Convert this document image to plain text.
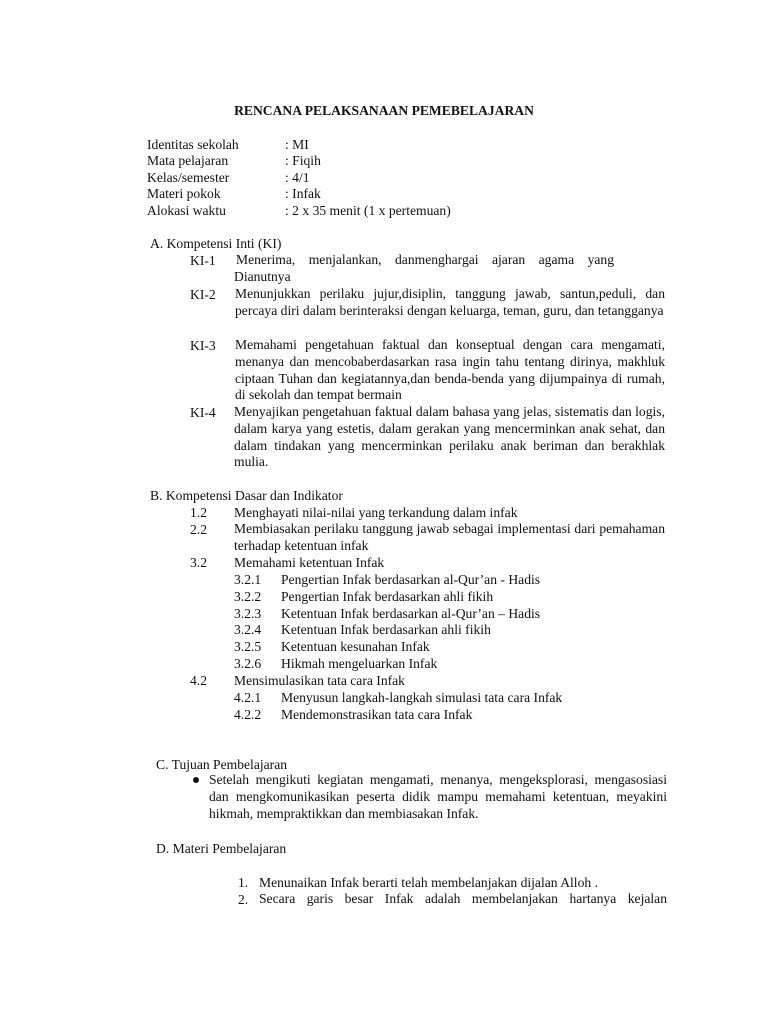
RENCANA PELAKSANAAN PEMEBELAJARAN
Identitas sekolah	: MI
Mata pelajaran	: Fiqih
Kelas/semester	: 4/1
Materi pokok	: Infak
Alokasi waktu	: 2 x 35 menit (1 x pertemuan)
A. Kompetensi Inti (KI)
KI-1 Menerima, menjalankan, danmenghargai ajaran agama yang Dianutnya
KI-2 Menunjukkan perilaku jujur,disiplin, tanggung jawab, santun,peduli, dan percaya diri dalam berinteraksi dengan keluarga, teman, guru, dan tetangganya
KI-3 Memahami pengetahuan faktual dan konseptual dengan cara mengamati, menanya dan mencobaberdasarkan rasa ingin tahu tentang dirinya, makhluk ciptaan Tuhan dan kegiatannya,dan benda-benda yang dijumpainya di rumah, di sekolah dan tempat bermain
KI-4 Menyajikan pengetahuan faktual dalam bahasa yang jelas, sistematis dan logis, dalam karya yang estetis, dalam gerakan yang mencerminkan anak sehat, dan dalam tindakan yang mencerminkan perilaku anak beriman dan berakhlak mulia.
B. Kompetensi Dasar dan Indikator
1.2 Menghayati nilai-nilai yang terkandung dalam infak
2.2 Membiasakan perilaku tanggung jawab sebagai implementasi dari pemahaman terhadap ketentuan infak
3.2 Memahami ketentuan Infak
3.2.1 Pengertian Infak berdasarkan al-Qur’an - Hadis
3.2.2 Pengertian Infak berdasarkan ahli fikih
3.2.3 Ketentuan Infak berdasarkan al-Qur’an – Hadis
3.2.4 Ketentuan Infak berdasarkan ahli fikih
3.2.5 Ketentuan kesunahan Infak
3.2.6 Hikmah mengeluarkan Infak
4.2 Mensimulasikan tata cara Infak
4.2.1 Menyusun langkah-langkah simulasi tata cara Infak
4.2.2 Mendemonstrasikan tata cara Infak
C. Tujuan Pembelajaran
Setelah mengikuti kegiatan mengamati, menanya, mengeksplorasi, mengasosiasi dan mengkomunikasikan peserta didik mampu memahami ketentuan, meyakini hikmah, mempraktikkan dan membiasakan Infak.
D. Materi Pembelajaran
1. Menunaikan Infak berarti telah membelanjakan dijalan Alloh .
2. Secara garis besar Infak adalah membelanjakan hartanya kejalan
